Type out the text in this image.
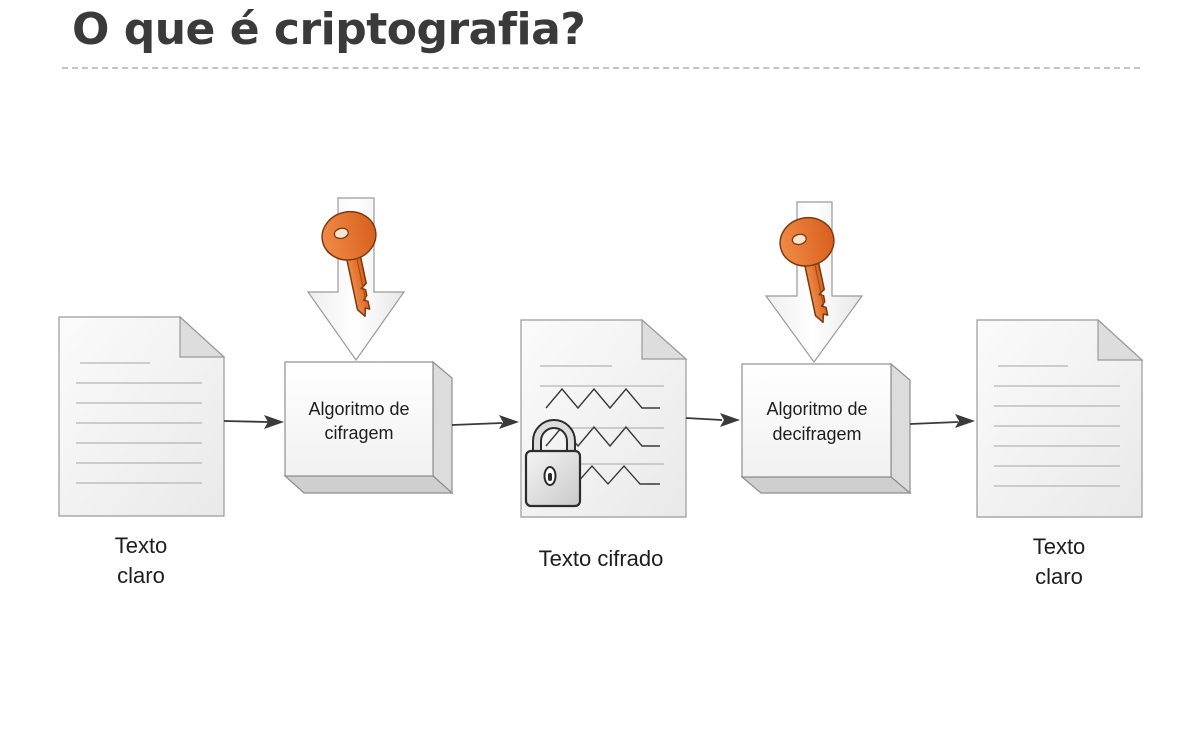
O que é criptografia?
Algoritmo de
cifragem
Algoritmo de
decifragem
Texto
claro
Texto cifrado	Texto
claro
